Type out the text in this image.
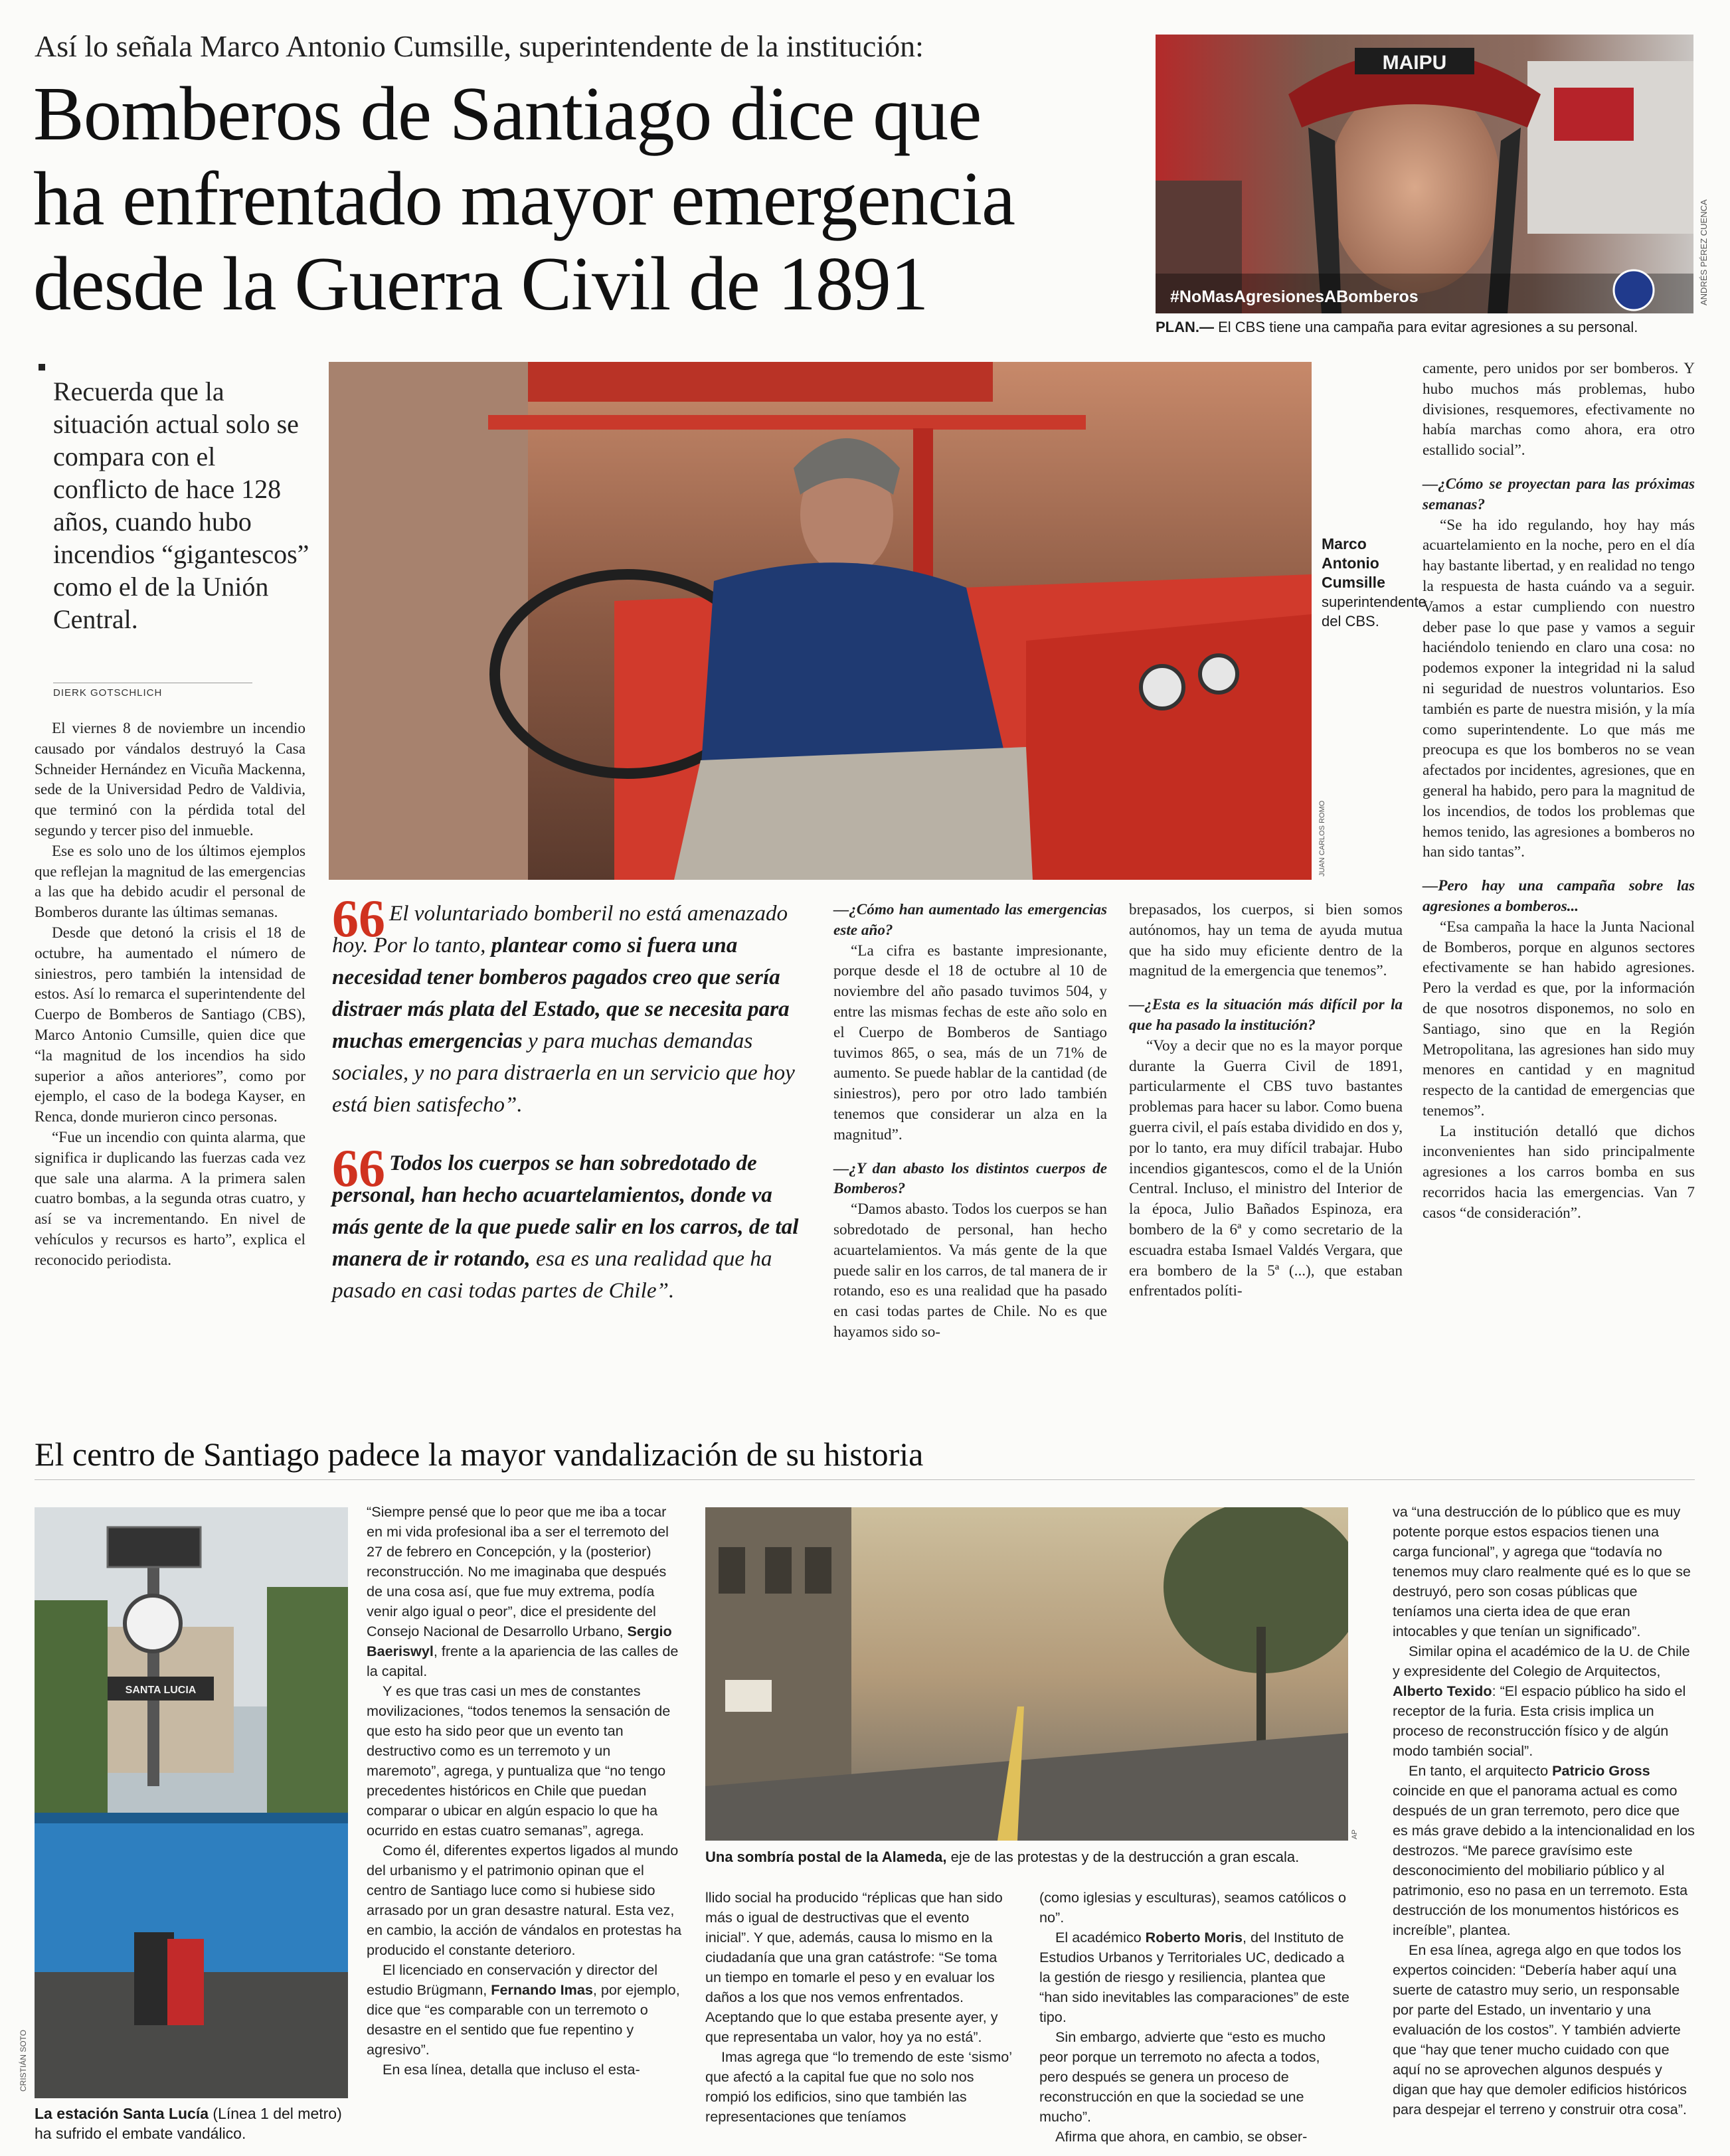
Así lo señala Marco Antonio Cumsille, superintendente de la institución:
Bomberos de Santiago dice que
ha enfrentado mayor emergencia
desde la Guerra Civil de 1891
MAIPU
#NoMasAgresionesABomberos	ANDRÉS PÉREZ CUENCA
PLAN.— El CBS tiene una campaña para evitar agresiones a su personal.
Recuerda que la situación actual solo se compara con el conflicto de hace 128 años, cuando hubo incendios “gigantescos” como el de la Unión Central.
DIERK GOTSCHLICH

El viernes 8 de noviembre un incendio causado por vándalos destruyó la Casa Schneider Hernández en Vicuña Mackenna, sede de la Universidad Pedro de Valdivia, que terminó con la pérdida total del segundo y tercer piso del inmueble.

Ese es solo uno de los últimos ejemplos que reflejan la magnitud de las emergencias a las que ha debido acudir el personal de Bomberos durante las últimas semanas.

Desde que detonó la crisis el 18 de octubre, ha aumentado el número de siniestros, pero también la intensidad de estos. Así lo remarca el superintendente del Cuerpo de Bomberos de Santiago (CBS), Marco Antonio Cumsille, quien dice que “la magnitud de los incendios ha sido superior a años anteriores”, como por ejemplo, el caso de la bodega Kayser, en Renca, donde murieron cinco personas.

“Fue un incendio con quinta alarma, que significa ir duplicando las fuerzas cada vez que sale una alarma. A la primera salen cuatro bombas, a la segunda otras cuatro, y así se va incrementando. En nivel de vehículos y recursos es harto”, explica el reconocido periodista.

JUAN CARLOS ROMO
Marco Antonio Cumsille superintendente del CBS.
66 El voluntariado bomberil no está amenazado hoy. Por lo tanto, plantear como si fuera una necesidad tener bomberos pagados creo que sería distraer más plata del Estado, que se necesita para muchas emergencias y para muchas demandas sociales, y no para distraerla en un servicio que hoy está bien satisfecho”.
66 Todos los cuerpos se han sobredotado de personal, han hecho acuartelamientos, donde va más gente de la que puede salir en los carros, de tal manera de ir rotando, esa es una realidad que ha pasado en casi todas partes de Chile”.

—¿Cómo han aumentado las emergencias este año?

“La cifra es bastante impresionante, porque desde el 18 de octubre al 10 de noviembre del año pasado tuvimos 504, y entre las mismas fechas de este año solo en el Cuerpo de Bomberos de Santiago tuvimos 865, o sea, más de un 71% de aumento. Se puede hablar de la cantidad (de siniestros), pero por otro lado también tenemos que considerar un alza en la magnitud”.

—¿Y dan abasto los distintos cuerpos de Bomberos?

“Damos abasto. Todos los cuerpos se han sobredotado de personal, han hecho acuartelamientos. Va más gente de la que puede salir en los carros, de tal manera de ir rotando, eso es una realidad que ha pasado en casi todas partes de Chile. No es que hayamos sido so-

brepasados, los cuerpos, si bien somos autónomos, hay un tema de ayuda mutua que ha sido muy eficiente dentro de la magnitud de la emergencia que tenemos”.

—¿Esta es la situación más difícil por la que ha pasado la institución?

“Voy a decir que no es la mayor porque durante la Guerra Civil de 1891, particularmente el CBS tuvo bastantes problemas para hacer su labor. Como buena guerra civil, el país estaba dividido en dos y, por lo tanto, era muy difícil trabajar. Hubo incendios gigantescos, como el de la Unión Central. Incluso, el ministro del Interior de la época, Julio Bañados Espinoza, era bombero de la 6ª y como secretario de la escuadra estaba Ismael Valdés Vergara, que era bombero de la 5ª (...), que estaban enfrentados políti-

camente, pero unidos por ser bomberos. Y hubo muchos más problemas, hubo divisiones, resquemores, efectivamente no había marchas como ahora, era otro estallido social”.

—¿Cómo se proyectan para las próximas semanas?

“Se ha ido regulando, hoy hay más acuartelamiento en la noche, pero en el día hay bastante libertad, y en realidad no tengo la respuesta de hasta cuándo va a seguir. Vamos a estar cumpliendo con nuestro deber pase lo que pase y vamos a seguir haciéndolo teniendo en claro una cosa: no podemos exponer la integridad ni la salud ni seguridad de nuestros voluntarios. Eso también es parte de nuestra misión, y la mía como superintendente. Lo que más me preocupa es que los bomberos no se vean afectados por incidentes, agresiones, que en general ha habido, pero para la magnitud de los incendios, de todos los problemas que hemos tenido, las agresiones a bomberos no han sido tantas”.

—Pero hay una campaña sobre las agresiones a bomberos...

“Esa campaña la hace la Junta Nacional de Bomberos, porque en algunos sectores efectivamente se han habido agresiones. Pero la verdad es que, por la información de que nosotros disponemos, no solo en Santiago, sino que en la Región Metropolitana, las agresiones han sido muy menores en cantidad y en magnitud respecto de la cantidad de emergencias que tenemos”.

La institución detalló que dichos inconvenientes han sido principalmente agresiones a los carros bomba en sus recorridos hacia las emergencias. Van 7 casos “de consideración”.

El centro de Santiago padece la mayor vandalización de su historia
SANTA LUCIA
CRISTIÁN SOTO
La estación Santa Lucía (Línea 1 del metro) ha sufrido el embate vandálico.

“Siempre pensé que lo peor que me iba a tocar en mi vida profesional iba a ser el terremoto del 27 de febrero en Concepción, y la (posterior) reconstrucción. No me imaginaba que después de una cosa así, que fue muy extrema, podía venir algo igual o peor”, dice el presidente del Consejo Nacional de Desarrollo Urbano, Sergio Baeriswyl, frente a la apariencia de las calles de la capital.

Y es que tras casi un mes de constantes movilizaciones, “todos tenemos la sensación de que esto ha sido peor que un evento tan destructivo como es un terremoto y un maremoto”, agrega, y puntualiza que “no tengo precedentes históricos en Chile que puedan comparar o ubicar en algún espacio lo que ha ocurrido en estas cuatro semanas”, agrega.

Como él, diferentes expertos ligados al mundo del urbanismo y el patrimonio opinan que el centro de Santiago luce como si hubiese sido arrasado por un gran desastre natural. Esta vez, en cambio, la acción de vándalos en protestas ha producido el constante deterioro.

El licenciado en conservación y director del estudio Brügmann, Fernando Imas, por ejemplo, dice que “es comparable con un terremoto o desastre en el sentido que fue repentino y agresivo”.

En esa línea, detalla que incluso el esta-

AP
Una sombría postal de la Alameda, eje de las protestas y de la destrucción a gran escala.

llido social ha producido “réplicas que han sido más o igual de destructivas que el evento inicial”. Y que, además, causa lo mismo en la ciudadanía que una gran catástrofe: “Se toma un tiempo en tomarle el peso y en evaluar los daños a los que nos vemos enfrentados. Aceptando que lo que estaba presente ayer, y que representaba un valor, hoy ya no está”.

Imas agrega que “lo tremendo de este ‘sismo’ que afectó a la capital fue que no solo nos rompió los edificios, sino que también las representaciones que teníamos

(como iglesias y esculturas), seamos católicos o no”.

El académico Roberto Moris, del Instituto de Estudios Urbanos y Territoriales UC, dedicado a la gestión de riesgo y resiliencia, plantea que “han sido inevitables las comparaciones” de este tipo.

Sin embargo, advierte que “esto es mucho peor porque un terremoto no afecta a todos, pero después se genera un proceso de reconstrucción en que la sociedad se une mucho”.

Afirma que ahora, en cambio, se obser-

va “una destrucción de lo público que es muy potente porque estos espacios tienen una carga funcional”, y agrega que “todavía no tenemos muy claro realmente qué es lo que se destruyó, pero son cosas públicas que teníamos una cierta idea de que eran intocables y que tenían un significado”.

Similar opina el académico de la U. de Chile y expresidente del Colegio de Arquitectos, Alberto Texido: “El espacio público ha sido el receptor de la furia. Esta crisis implica un proceso de reconstrucción físico y de algún modo también social”.

En tanto, el arquitecto Patricio Gross coincide en que el panorama actual es como después de un gran terremoto, pero dice que es más grave debido a la intencionalidad en los destrozos. “Me parece gravísimo este desconocimiento del mobiliario público y al patrimonio, eso no pasa en un terremoto. Esta destrucción de los monumentos históricos es increíble”, plantea.

En esa línea, agrega algo en que todos los expertos coinciden: “Debería haber aquí una suerte de catastro muy serio, un responsable por parte del Estado, un inventario y una evaluación de los costos”. Y también advierte que “hay que tener mucho cuidado con que aquí no se aprovechen algunos después y digan que hay que demoler edificios históricos para despejar el terreno y construir otra cosa”.
